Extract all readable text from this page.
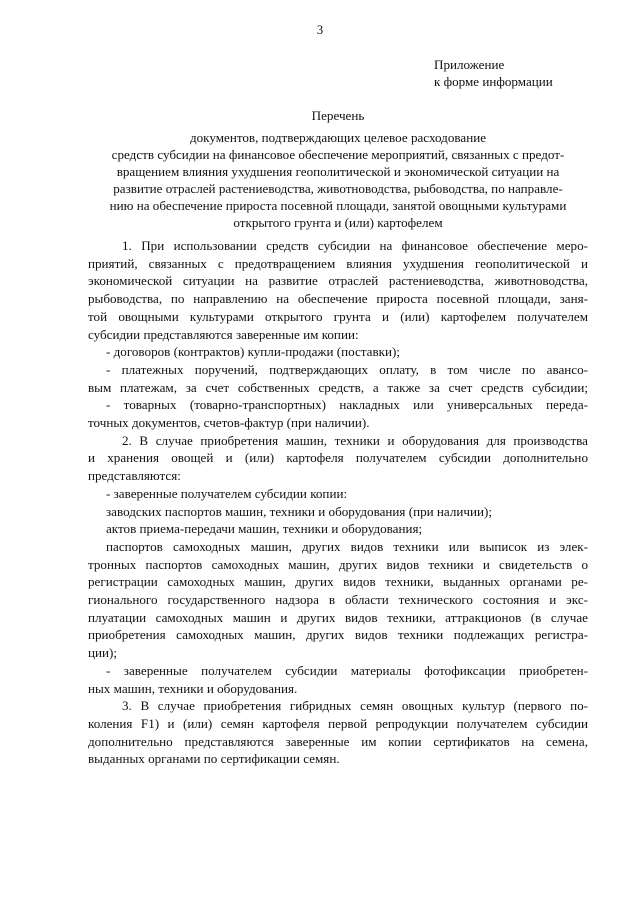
3
Приложение
к форме информации
Перечень
документов, подтверждающих целевое расходование
средств субсидии на финансовое обеспечение мероприятий, связанных с предот-
вращением влияния ухудшения геополитической и экономической ситуации на
развитие отраслей растениеводства, животноводства, рыбоводства, по направле-
нию на обеспечение прироста посевной площади, занятой овощными культурами
открытого грунта и (или) картофелем
1. При использовании средств субсидии на финансовое обеспечение меро-
приятий, связанных с предотвращением влияния ухудшения геополитической и
экономической ситуации на развитие отраслей растениеводства, животноводства,
рыбоводства, по направлению на обеспечение прироста посевной площади, заня-
той овощными культурами открытого грунта и (или) картофелем получателем
субсидии представляются заверенные им копии:
- договоров (контрактов) купли-продажи (поставки);
- платежных поручений, подтверждающих оплату, в том числе по авансо-
вым платежам, за счет собственных средств, а также за счет средств субсидии;
- товарных (товарно-транспортных) накладных или универсальных переда-
точных документов, счетов-фактур (при наличии).
2. В случае приобретения машин, техники и оборудования для производства
и хранения овощей и (или) картофеля получателем субсидии дополнительно
представляются:
- заверенные получателем субсидии копии:
заводских паспортов машин, техники и оборудования (при наличии);
актов приема-передачи машин, техники и оборудования;
паспортов самоходных машин, других видов техники или выписок из элек-
тронных паспортов самоходных машин, других видов техники и свидетельств о
регистрации самоходных машин, других видов техники, выданных органами ре-
гионального государственного надзора в области технического состояния и экс-
плуатации самоходных машин и других видов техники, аттракционов (в случае
приобретения самоходных машин, других видов техники подлежащих регистра-
ции);
- заверенные получателем субсидии материалы фотофиксации приобретен-
ных машин, техники и оборудования.
3. В случае приобретения гибридных семян овощных культур (первого по-
коления F1) и (или) семян картофеля первой репродукции получателем субсидии
дополнительно представляются заверенные им копии сертификатов на семена,
выданных органами по сертификации семян.
